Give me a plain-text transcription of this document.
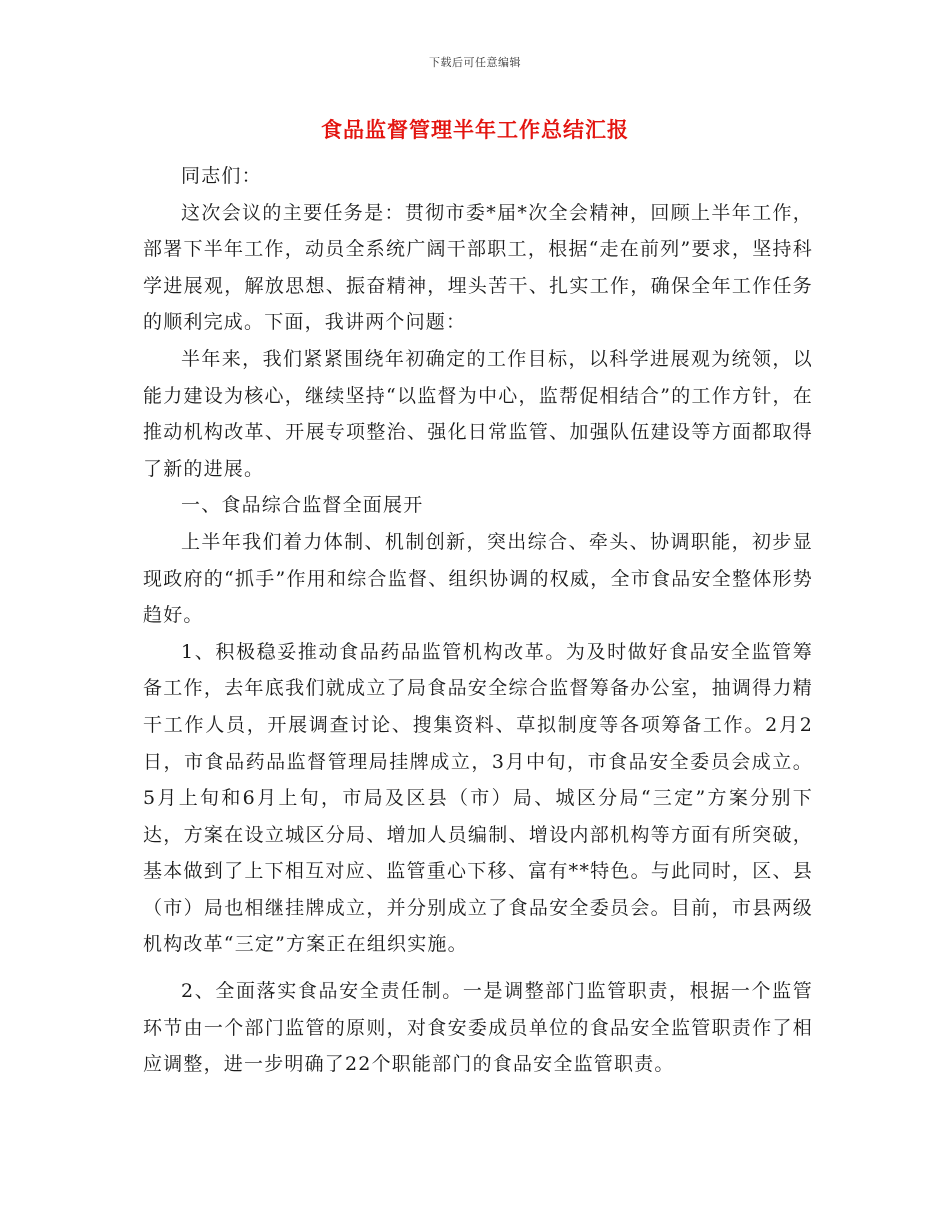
下载后可任意编辑
食品监督管理半年工作总结汇报

同志们：

这次会议的主要任务是：贯彻市委*届*次全会精神，回顾上半年工作，部署下半年工作，动员全系统广阔干部职工，根据“走在前列”要求，坚持科学进展观，解放思想、振奋精神，埋头苦干、扎实工作，确保全年工作任务的顺利完成。下面，我讲两个问题：

半年来，我们紧紧围绕年初确定的工作目标，以科学进展观为统领，以能力建设为核心，继续坚持“以监督为中心，监帮促相结合”的工作方针，在推动机构改革、开展专项整治、强化日常监管、加强队伍建设等方面都取得了新的进展。

一、食品综合监督全面展开

上半年我们着力体制、机制创新，突出综合、牵头、协调职能，初步显现政府的“抓手”作用和综合监督、组织协调的权威，全市食品安全整体形势趋好。

1、积极稳妥推动食品药品监管机构改革。为及时做好食品安全监管筹备工作，去年底我们就成立了局食品安全综合监督筹备办公室，抽调得力精干工作人员，开展调查讨论、搜集资料、草拟制度等各项筹备工作。2月2日，市食品药品监督管理局挂牌成立，3月中旬，市食品安全委员会成立。5月上旬和6月上旬，市局及区县（市）局、城区分局“三定”方案分别下达，方案在设立城区分局、增加人员编制、增设内部机构等方面有所突破，基本做到了上下相互对应、监管重心下移、富有**特色。与此同时，区、县（市）局也相继挂牌成立，并分别成立了食品安全委员会。目前，市县两级机构改革“三定”方案正在组织实施。

2、全面落实食品安全责任制。一是调整部门监管职责，根据一个监管环节由一个部门监管的原则，对食安委成员单位的食品安全监管职责作了相应调整，进一步明确了22个职能部门的食品安全监管职责。
